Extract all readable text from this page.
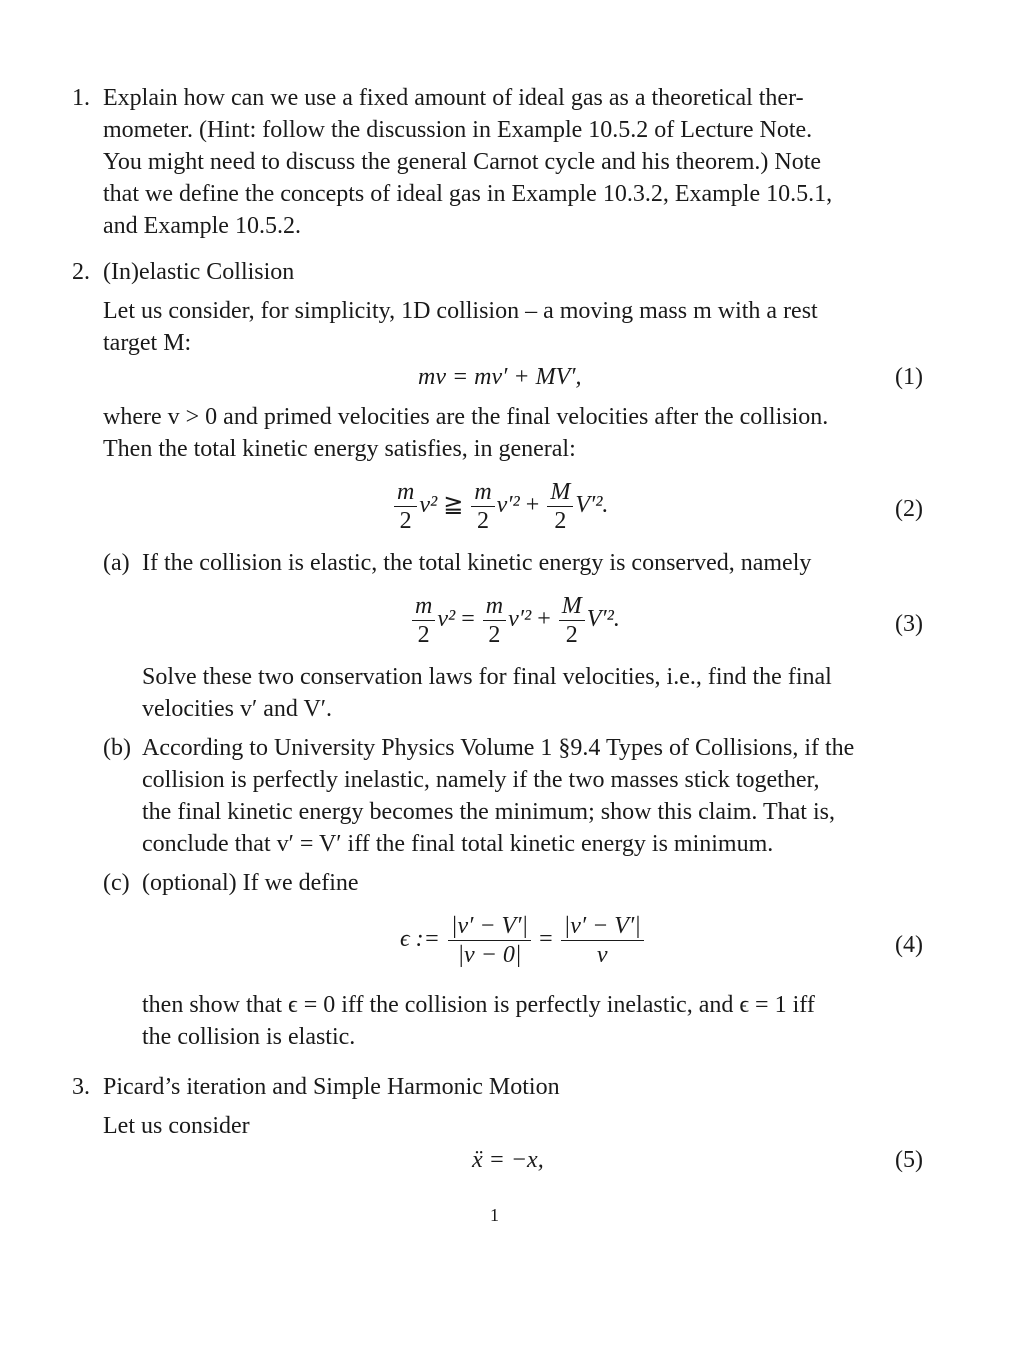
1. Explain how can we use a fixed amount of ideal gas as a theoretical ther-
mometer. (Hint: follow the discussion in Example 10.5.2 of Lecture Note.
You might need to discuss the general Carnot cycle and his theorem.) Note
that we define the concepts of ideal gas in Example 10.3.2, Example 10.5.1,
and Example 10.5.2.
2. (In)elastic Collision
Let us consider, for simplicity, 1D collision – a moving mass m with a rest
target M:
mv = mv′ + MV′,	(1)
where v > 0 and primed velocities are the final velocities after the collision.
Then the total kinetic energy satisfies, in general:
$\frac{m}{2} v^2$ ≧ $\frac{m}{2} v'^2 + \frac{M}{2} V'^2$.	(2)
(a) If the collision is elastic, the total kinetic energy is conserved, namely
$\frac{m}{2} v^2 = \frac{m}{2} v'^2 + \frac{M}{2} V'^2$.	(3)
Solve these two conservation laws for final velocities, i.e., find the final
velocities v′ and V′.
(b) According to University Physics Volume 1 §9.4 Types of Collisions, if the
collision is perfectly inelastic, namely if the two masses stick together,
the final kinetic energy becomes the minimum; show this claim. That is,
conclude that v′ = V′ iff the final total kinetic energy is minimum.
(c) (optional) If we define
ϵ := $\frac{|v' - V'|}{|v - 0|} = \frac{|v' - V'|}{v}$	(4)
then show that ϵ = 0 iff the collision is perfectly inelastic, and ϵ = 1 iff
the collision is elastic.
3. Picard’s iteration and Simple Harmonic Motion
Let us consider
ẍ = −x,	(5)
1
